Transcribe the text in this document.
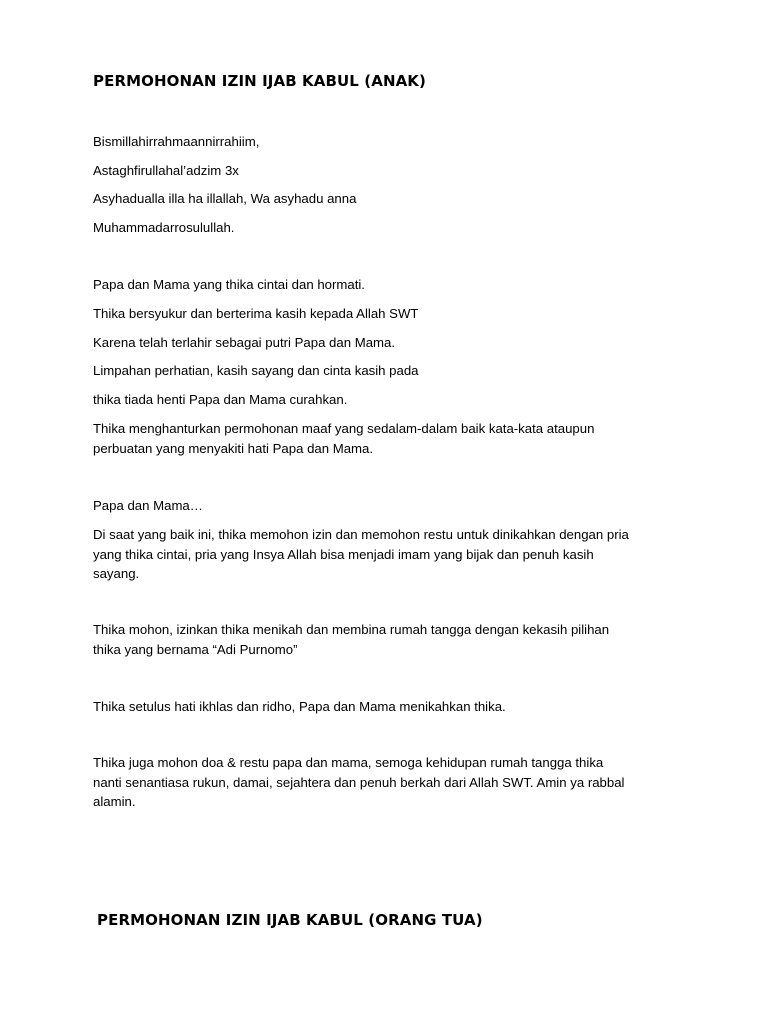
PERMOHONAN IZIN IJAB KABUL (ANAK)

Bismillahirrahmaannirrahiim,

Astaghfirullahal’adzim 3x

Asyhadualla illa ha illallah, Wa asyhadu anna

Muhammadarrosulullah.

Papa dan Mama yang thika cintai dan hormati.

Thika bersyukur dan berterima kasih kepada Allah SWT

Karena telah terlahir sebagai putri Papa dan Mama.

Limpahan perhatian, kasih sayang dan cinta kasih pada

thika tiada henti Papa dan Mama curahkan.

Thika menghanturkan permohonan maaf yang sedalam-dalam baik kata-kata ataupun
perbuatan yang menyakiti hati Papa dan Mama.

Papa dan Mama…

Di saat yang baik ini, thika memohon izin dan memohon restu untuk dinikahkan dengan pria
yang thika cintai, pria yang Insya Allah bisa menjadi imam yang bijak dan penuh kasih
sayang.
Thika mohon, izinkan thika menikah dan membina rumah tangga dengan kekasih pilihan
thika yang bernama “Adi Purnomo”

Thika setulus hati ikhlas dan ridho, Papa dan Mama menikahkan thika.

Thika juga mohon doa & restu papa dan mama, semoga kehidupan rumah tangga thika
nanti senantiasa rukun, damai, sejahtera dan penuh berkah dari Allah SWT. Amin ya rabbal
alamin.
PERMOHONAN IZIN IJAB KABUL (ORANG TUA)
